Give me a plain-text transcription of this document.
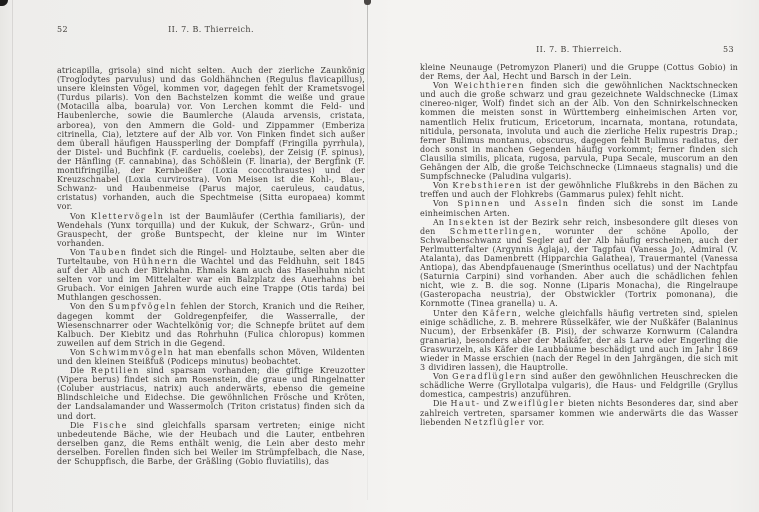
52	II. 7. B. Thierreich.

atricapilla, grisola) sind nicht selten. Auch der zierliche Zaunkönig (Troglodytes parvulus) und das Goldhähnchen (Regulus flavicapillus), unsere kleinsten Vögel, kommen vor, dagegen fehlt der Krametsvogel (Turdus pilaris). Von den Bachstelzen kommt die weiße und graue (Motacilla alba, boarula) vor. Von Lerchen kommt die Feld- und Haubenlerche, sowie die Baumlerche (Alauda arvensis, cristata, arborea), von den Ammern die Gold- und Zippammer (Emberiza citrinella, Cia), letztere auf der Alb vor. Von Finken findet sich außer dem überall häufigen Haussperling der Dompfaff (Fringilla pyrrhula), der Distel- und Buchfink (F. carduelis, coelebs), der Zeisig (F. spinus), der Hänfling (F. cannabina), das Schößlein (F. linaria), der Bergfink (F. montifringilla), der Kernbeißer (Loxia coccothraustes) und der Kreuzschnabel (Loxia curvirostra). Von Meisen ist die Kohl-, Blau-, Schwanz- und Haubenmeise (Parus major, caeruleus, caudatus, cristatus) vorhanden, auch die Spechtmeise (Sitta europaea) kommt vor.

Von Klettervögeln ist der Baumläufer (Certhia familiaris), der Wendehals (Yunx torquilla) und der Kukuk, der Schwarz-, Grün- und Grauspecht, der große Buntspecht, der kleine nur im Winter vorhanden.

Von Tauben findet sich die Ringel- und Holztaube, selten aber die Turteltaube, von Hühnern die Wachtel und das Feldhuhn, seit 1845 auf der Alb auch der Birkhahn. Ehmals kam auch das Haselhuhn nicht selten vor und im Mittelalter war ein Balzplatz des Auerhahns bei Grubach. Vor einigen Jahren wurde auch eine Trappe (Otis tarda) bei Muthlangen geschossen.

Von den Sumpfvögeln fehlen der Storch, Kranich und die Reiher, dagegen kommt der Goldregenpfeifer, die Wasserralle, der Wiesenschnarrer oder Wachtelkönig vor; die Schnepfe brütet auf dem Kalbuch. Der Kiebitz und das Rohrhuhn (Fulica chloropus) kommen zuweilen auf dem Strich in die Gegend.

Von Schwimmvögeln hat man ebenfalls schon Möven, Wildenten und den kleinen Steißfuß (Podiceps minutus) beobachtet.

Die Reptilien sind sparsam vorhanden; die giftige Kreuzotter (Vipera berus) findet sich am Rosenstein, die graue und Ringelnatter (Coluber austriacus, natrix) auch anderwärts, ebenso die gemeine Blindschleiche und Eidechse. Die gewöhnlichen Frösche und Kröten, der Landsalamander und Wassermolch (Triton cristatus) finden sich da und dort.

Die Fische sind gleichfalls sparsam vertreten; einige nicht unbedeutende Bäche, wie der Heubach und die Lauter, entbehren derselben ganz, die Rems enthält wenig, die Lein aber desto mehr derselben. Forellen finden sich bei Weiler im Strümpfelbach, die Nase, der Schuppfisch, die Barbe, der Gräßling (Gobio fluviatilis), das

II. 7. B. Thierreich.	53

kleine Neunauge (Petromyzon Planeri) und die Gruppe (Cottus Gobio) in der Rems, der Aal, Hecht und Barsch in der Lein.

Von Weichthieren finden sich die gewöhnlichen Nacktschnecken und auch die große schwarz und grau gezeichnete Waldschnecke (Limax cinereo-niger, Wolf) findet sich an der Alb. Von den Schnirkelschnecken kommen die meisten sonst in Württemberg einheimischen Arten vor, namentlich Helix fruticum, Ericetorum, incarnata, montana, rotundata, nitidula, personata, involuta und auch die zierliche Helix rupestris Drap.; ferner Bulimus montanus, obscurus, dagegen fehlt Bulimus radiatus, der doch sonst in manchen Gegenden häufig vorkommt; ferner finden sich Clausilia similis, plicata, rugosa, parvula, Pupa Secale, muscorum an den Gehängen der Alb, die große Teichschnecke (Limnaeus stagnalis) und die Sumpfschnecke (Paludina vulgaris).

Von Krebsthieren ist der gewöhnliche Flußkrebs in den Bächen zu treffen und auch der Flohkrebs (Gammarus pulex) fehlt nicht.

Von Spinnen und Asseln finden sich die sonst im Lande einheimischen Arten.

An Insekten ist der Bezirk sehr reich, insbesondere gilt dieses von den Schmetterlingen, worunter der schöne Apollo, der Schwalbenschwanz und Segler auf der Alb häufig erscheinen, auch der Perlmutterfalter (Argynnis Aglaja), der Tagpfau (Vanessa Jo), Admiral (V. Atalanta), das Damenbrett (Hipparchia Galathea), Trauermantel (Vanessa Antiopa), das Abendpfauenauge (Smerinthus ocellatus) und der Nachtpfau (Saturnia Carpini) sind vorhanden. Aber auch die schädlichen fehlen nicht, wie z. B. die sog. Nonne (Liparis Monacha), die Ringelraupe (Gasteropacha neustria), der Obstwickler (Tortrix pomonana), die Kornmotte (Tinea granella) u. A.

Unter den Käfern, welche gleichfalls häufig vertreten sind, spielen einige schädliche, z. B. mehrere Rüsselkäfer, wie der Nußkäfer (Balaninus Nucum), der Erbsenkäfer (B. Pisi), der schwarze Kornwurm (Calandra granaria), besonders aber der Maikäfer, der als Larve oder Engerling die Graswurzeln, als Käfer die Laubbäume beschädigt und auch im Jahr 1869 wieder in Masse erschien (nach der Regel in den Jahrgängen, die sich mit 3 dividiren lassen), die Hauptrolle.

Von Geradflüglern sind außer den gewöhnlichen Heuschrecken die schädliche Werre (Gryllotalpa vulgaris), die Haus- und Feldgrille (Gryllus domestica, campestris) anzuführen.

Die Haut- und Zweiflügler bieten nichts Besonderes dar, sind aber zahlreich vertreten, sparsamer kommen wie anderwärts die das Wasser liebenden Netzflügler vor.
